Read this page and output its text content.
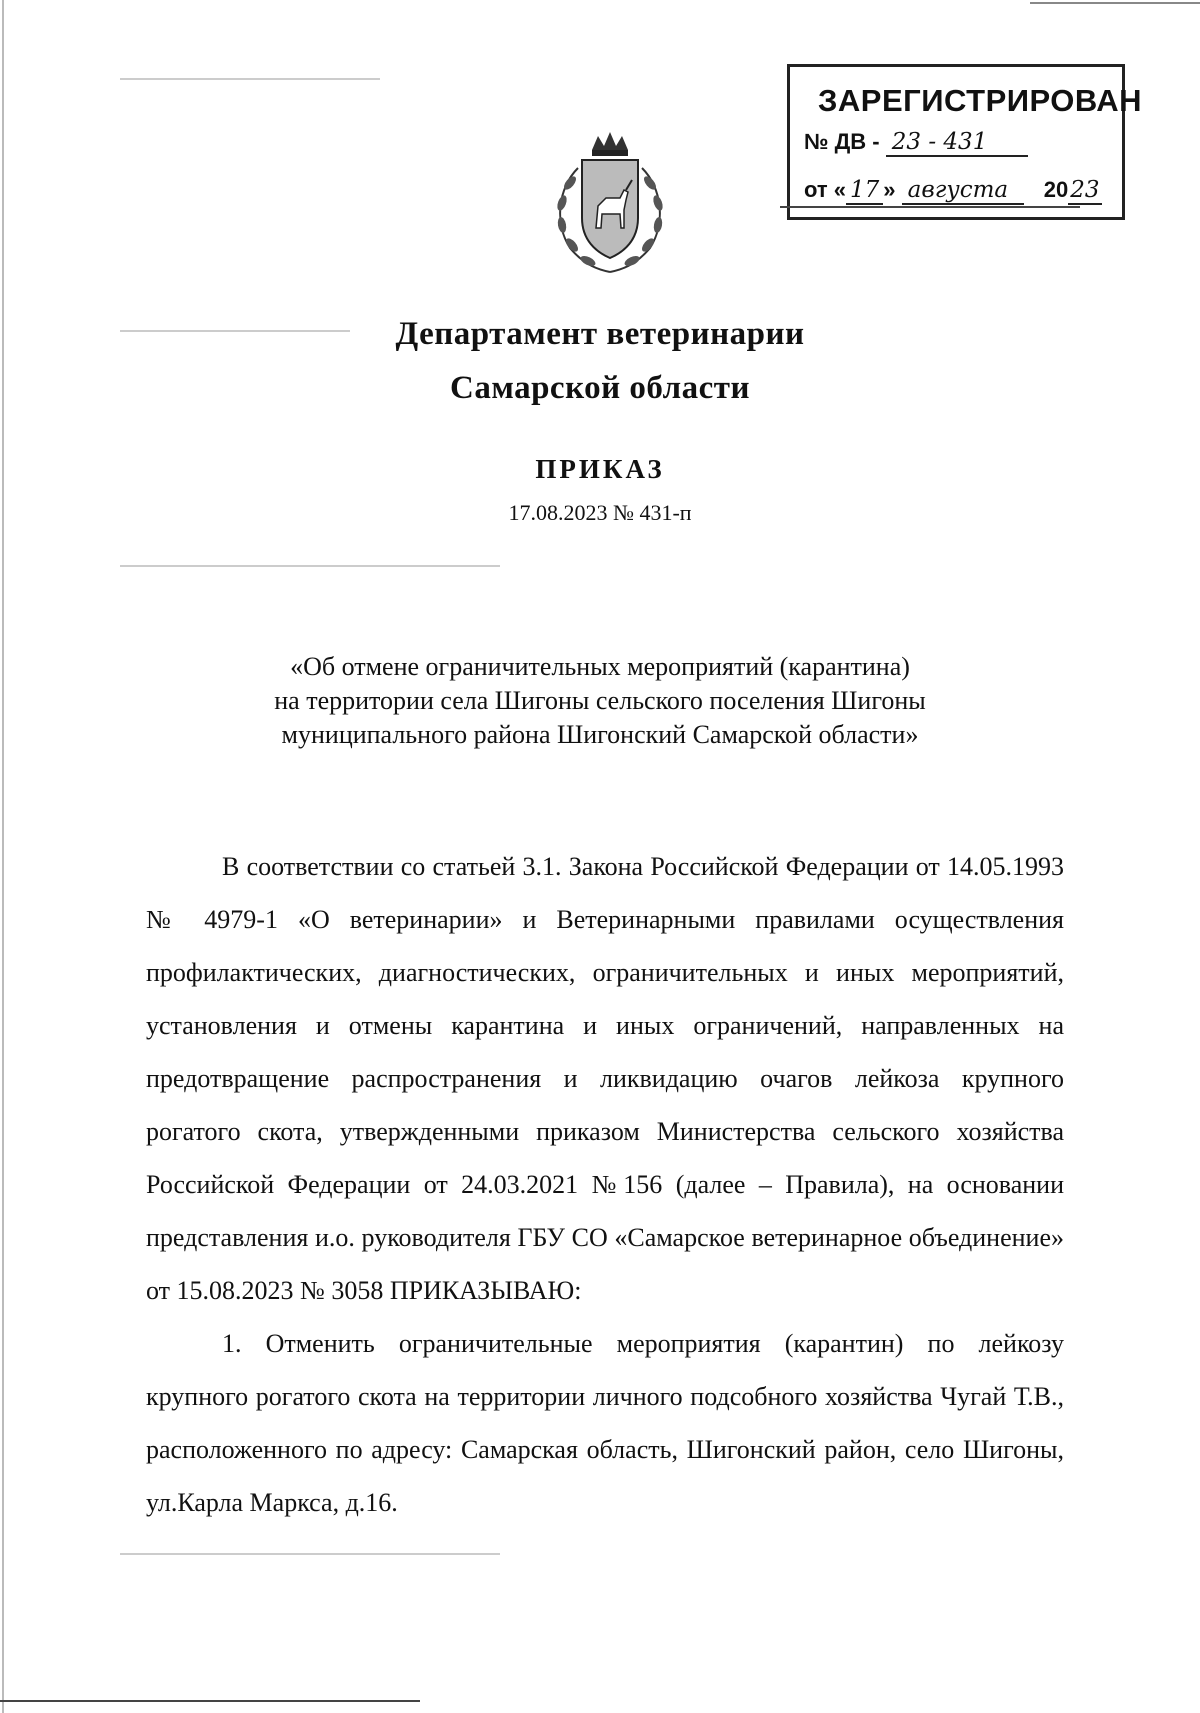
ЗАРЕГИСТРИРОВАН
№ ДВ - 23 - 431
от « 17 » августа 2023
Департамент ветеринарии
Самарской области
ПРИКАЗ
17.08.2023 № 431-п
«Об отмене ограничительных мероприятий (карантина)
на территории села Шигоны сельского поселения Шигоны
муниципального района Шигонский Самарской области»

В соответствии со статьей 3.1. Закона Российской Федерации от 14.05.1993 № 4979-1 «О ветеринарии» и Ветеринарными правилами осуществления профилактических, диагностических, ограничительных и иных мероприятий, установления и отмены карантина и иных ограничений, направленных на предотвращение распространения и ликвидацию очагов лейкоза крупного рогатого скота, утвержденными приказом Министерства сельского хозяйства Российской Федерации от 24.03.2021 №156 (далее – Правила), на основании представления и.о. руководителя ГБУ СО «Самарское ветеринарное объединение» от 15.08.2023 № 3058 ПРИКАЗЫВАЮ:

1. Отменить ограничительные мероприятия (карантин) по лейкозу крупного рогатого скота на территории личного подсобного хозяйства Чугай Т.В., расположенного по адресу: Самарская область, Шигонский район, село Шигоны, ул.Карла Маркса, д.16.
